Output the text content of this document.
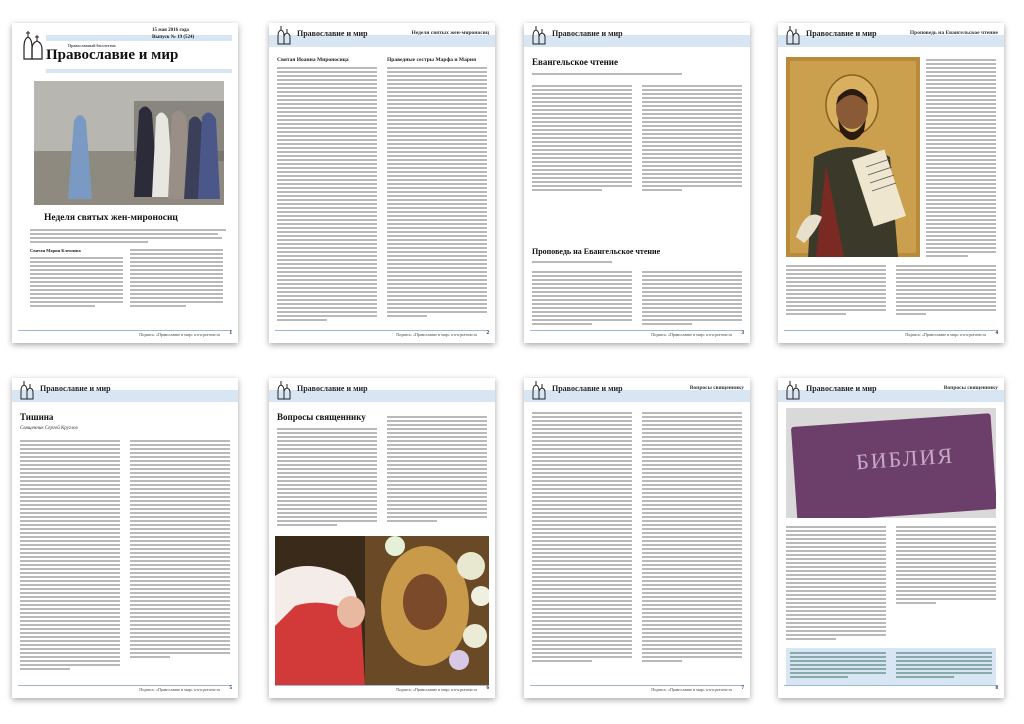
15 мая 2016 года
Выпуск № 19 (524)
Православный бюллетень
Православие и мир
Неделя святых жен-мироносиц
Святая Мария Клеопова
Подпись: «Православие и мир» www.pravmir.ru 1
Православие и мир	Неделя святых жен-мироносиц
Святая Иоанна Мироносица	Праведные сестры Марфа и Мария
Подпись: «Православие и мир» www.pravmir.ru 2
Православие и мир
Евангельское чтение
Проповедь на Евангельское чтение
Подпись: «Православие и мир» www.pravmir.ru 3
Православие и мир	Проповедь на Евангельское чтение
Подпись: «Православие и мир» www.pravmir.ru 4
Православие и мир
Тишина
Священник Сергей Круглов
Подпись: «Православие и мир» www.pravmir.ru 5
Православие и мир
Вопросы священнику
Подпись: «Православие и мир» www.pravmir.ru 6
Православие и мир	Вопросы священнику
Подпись: «Православие и мир» www.pravmir.ru 7
Православие и мир	Вопросы священнику
БИБЛИЯ
8
